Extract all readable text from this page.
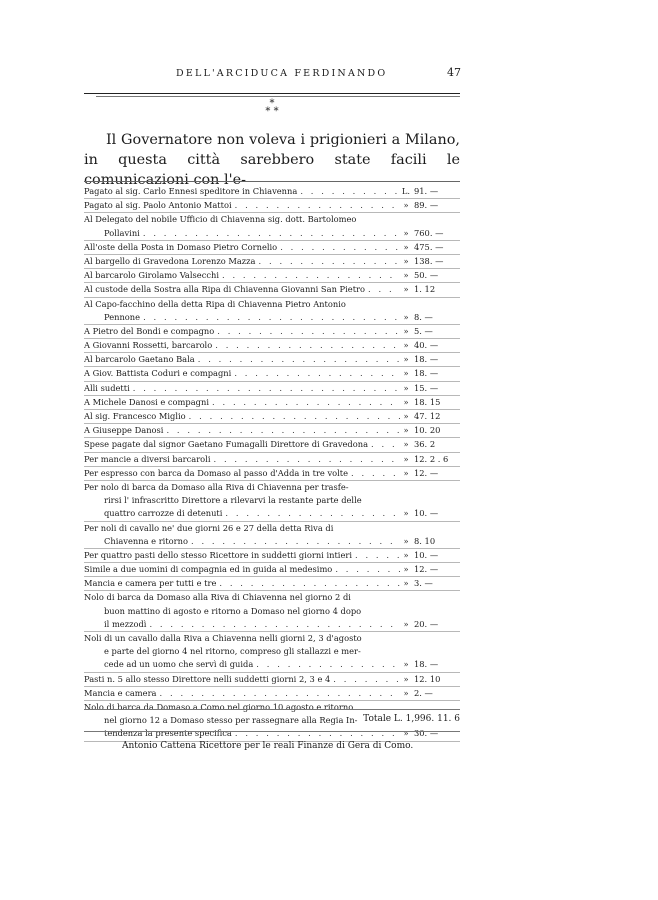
DELL'ARCIDUCA FERDINANDO	47
*
* *
Il Governatore non voleva i prigionieri a Milano, in questa città sarebbero state facili le comunicazioni con l'e-
Pagato al sig. Carlo Ennesi speditore in Chiavenna . . .	L. 91. —
Pagato al sig. Paolo Antonio Mattoi . . .	» 89. —
Al Delegato del nobile Ufficio di Chiavenna sig. dott. Bartolomeo
Pollavini . . .	» 760. —
All'oste della Posta in Domaso Pietro Cornelio . . .	» 475. —
Al bargello di Gravedona Lorenzo Mazza . . .	» 138. —
Al barcarolo Girolamo Valsecchi . . .	» 50. —
Al custode della Sostra alla Ripa di Chiavenna Giovanni San Pietro . . .	» 1. 12
Al Capo-facchino della detta Ripa di Chiavenna Pietro Antonio
Pennone . . .	» 8. —
A Pietro del Bondi e compagno . . .	» 5. —
A Giovanni Rossetti, barcarolo . . .	» 40. —
Al barcarolo Gaetano Bala . . .	» 18. —
A Giov. Battista Coduri e compagni . . .	» 18. —
Alli sudetti . . .	» 15. —
A Michele Danosi e compagni . . .	» 18. 15
Al sig. Francesco Miglio . . .	» 47. 12
A Giuseppe Danosi . . .	» 10. 20
Spese pagate dal signor Gaetano Fumagalli Direttore di Gravedona . . .	» 36. 2
Per mancie a diversi barcaroli . . .	» 12. 2 . 6
Per espresso con barca da Domaso al passo d'Adda in tre volte . . .	» 12. —
Per nolo di barca da Domaso alla Riva di Chiavenna per trasfe-
rirsi l' infrascritto Direttore a rilevarvi la restante parte delle
quattro carrozze di detenuti . . .	» 10. —
Per noli di cavallo ne' due giorni 26 e 27 della detta Riva di
Chiavenna e ritorno . . .	» 8. 10
Per quattro pasti dello stesso Ricettore in suddetti giorni intieri . . .	» 10. —
Simile a due uomini di compagnia ed in guida al medesimo . . .	» 12. —
Mancia e camera per tutti e tre . . .	» 3. —
Nolo di barca da Domaso alla Riva di Chiavenna nel giorno 2 di
buon mattino di agosto e ritorno a Domaso nel giorno 4 dopo
il mezzodì . . .	» 20. —
Noli di un cavallo dalla Riva a Chiavenna nelli giorni 2, 3 d'agosto
e parte del giorno 4 nel ritorno, compreso gli stallazzi e mer-
cede ad un uomo che servì di guida . . .	» 18. —
Pasti n. 5 allo stesso Direttore nelli suddetti giorni 2, 3 e 4 . . .	» 12. 10
Mancia e camera . . .	» 2. —
Nolo di barca da Domaso a Como nel giorno 10 agosto e ritorno
nel giorno 12 a Domaso stesso per rassegnare alla Regia In-
tendenza la presente specifica . . .	» 30. —
Totale L. 1,996. 11. 6
Antonio Cattena Ricettore per le reali Finanze di Gera di Como.
